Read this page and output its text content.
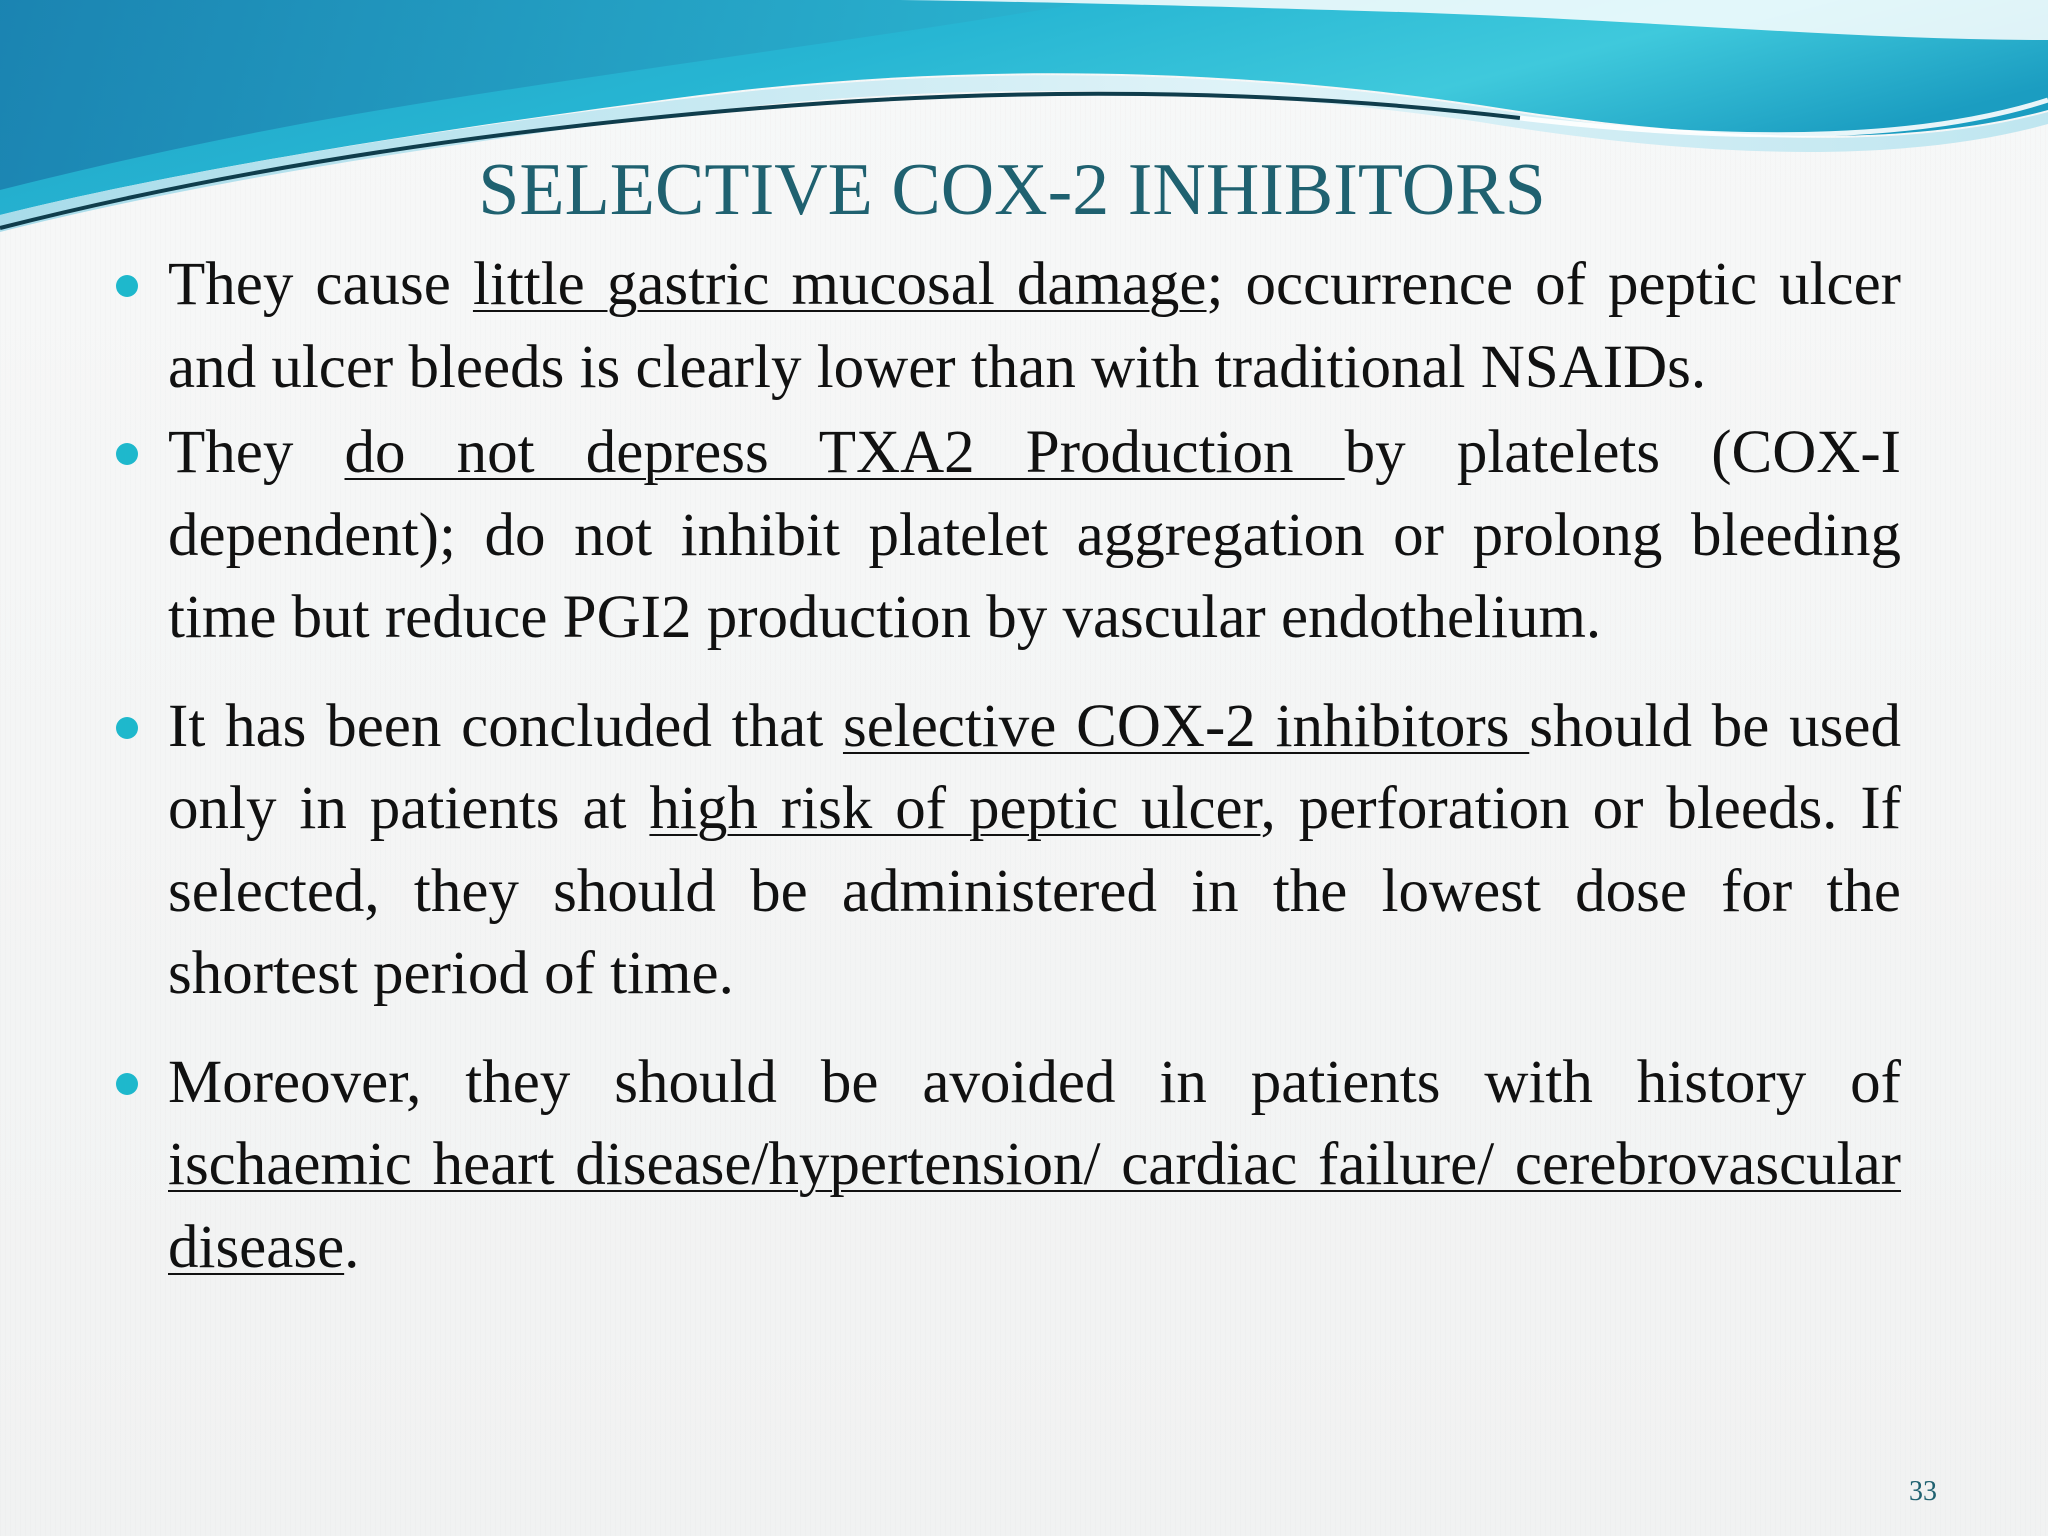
SELECTIVE COX-2 INHIBITORS
They cause little gastric mucosal damage; occurrence of peptic ulcer and ulcer bleeds is clearly lower than with traditional NSAIDs.
They do not depress TXA2 Production by platelets (COX-I dependent); do not inhibit platelet aggregation or prolong bleeding time but reduce PGI2 production by vascular endothelium.
It has been concluded that selective COX-2 inhibitors should be used only in patients at high risk of peptic ulcer, perforation or bleeds. If selected, they should be administered in the lowest dose for the shortest period of time.
Moreover, they should be avoided in patients with history of ischaemic heart disease/hypertension/ cardiac failure/ cerebrovascular disease.
33
